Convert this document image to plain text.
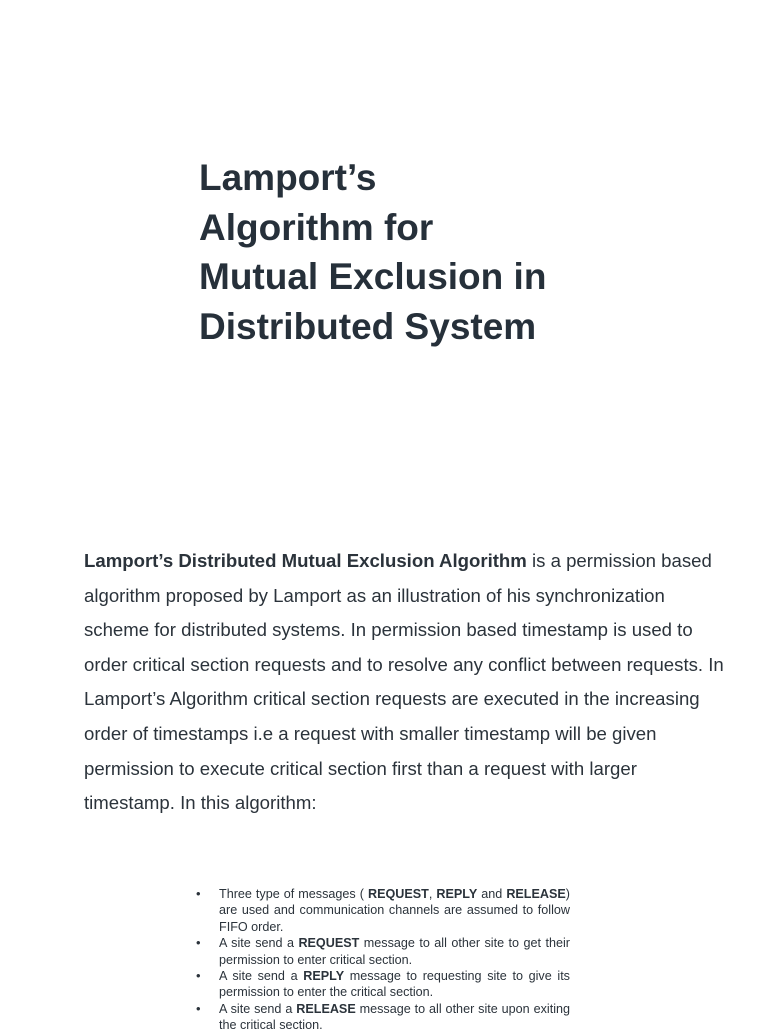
Lamport’s
Algorithm for
Mutual Exclusion in
Distributed System

Lamport’s Distributed Mutual Exclusion Algorithm is a permission based algorithm proposed by Lamport as an illustration of his synchronization scheme for distributed systems. In permission based timestamp is used to order critical section requests and to resolve any conflict between requests. In Lamport’s Algorithm critical section requests are executed in the increasing order of timestamps i.e a request with smaller timestamp will be given permission to execute critical section first than a request with larger timestamp. In this algorithm:

• Three type of messages ( REQUEST, REPLY and RELEASE) are used and communication channels are assumed to follow FIFO order.
• A site send a REQUEST message to all other site to get their permission to enter critical section.
• A site send a REPLY message to requesting site to give its permission to enter the critical section.
• A site send a RELEASE message to all other site upon exiting the critical section.
